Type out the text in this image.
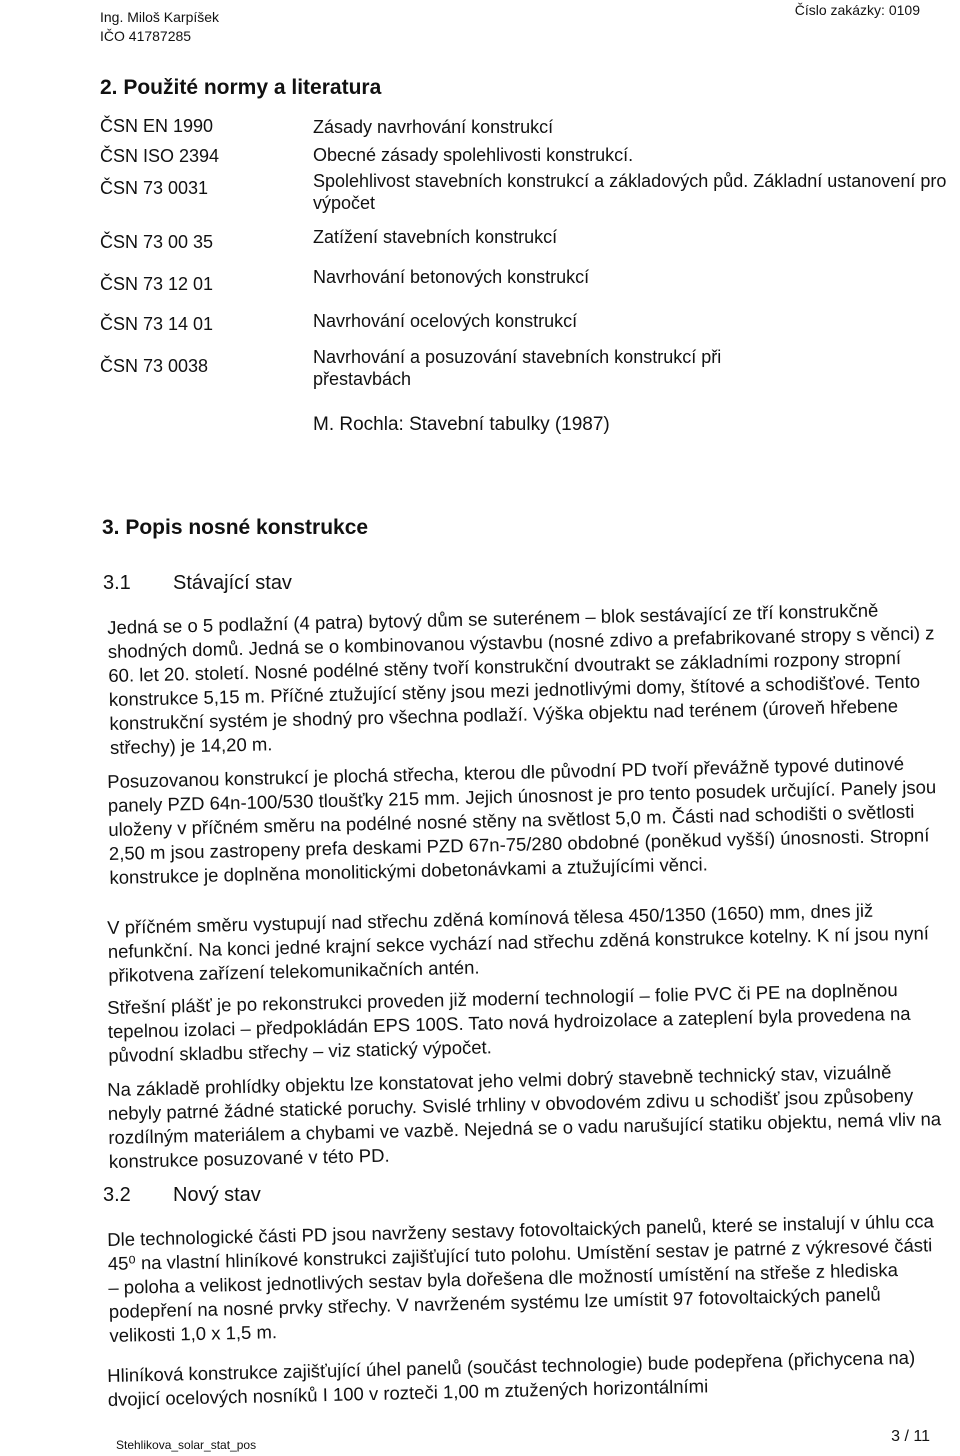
Ing. Miloš Karpíšek
IČO 41787285
Číslo zakázky: 0109
2. Použité normy a literatura
ČSN EN 1990	Zásady navrhování konstrukcí
ČSN ISO 2394	Obecné zásady spolehlivosti konstrukcí.
ČSN 73 0031	Spolehlivost stavebních konstrukcí a základových půd. Základní ustanovení pro výpočet
ČSN 73 00 35	Zatížení stavebních konstrukcí
ČSN 73 12 01	Navrhování betonových konstrukcí
ČSN 73 14 01	Navrhování ocelových konstrukcí
ČSN 73 0038	Navrhování a posuzování stavebních konstrukcí při přestavbách
M. Rochla: Stavební tabulky (1987)
3. Popis nosné konstrukce
3.1 Stávající stav

Jedná se o 5 podlažní (4 patra) bytový dům se suterénem – blok sestávající ze tří konstrukčně shodných domů. Jedná se o kombinovanou výstavbu (nosné zdivo a prefabrikované stropy s věnci) z 60. let 20. století. Nosné podélné stěny tvoří konstrukční dvoutrakt se základními rozpony stropní konstrukce 5,15 m. Příčné ztužující stěny jsou mezi jednotlivými domy, štítové a schodišťové. Tento konstrukční systém je shodný pro všechna podlaží. Výška objektu nad terénem (úroveň hřebene střechy) je 14,20 m.

Posuzovanou konstrukcí je plochá střecha, kterou dle původní PD tvoří převážně typové dutinové panely PZD 64n-100/530 tloušťky 215 mm. Jejich únosnost je pro tento posudek určující. Panely jsou uloženy v příčném směru na podélné nosné stěny na světlost 5,0 m. Části nad schodišti o světlosti 2,50 m jsou zastropeny prefa deskami PZD 67n-75/280 obdobné (poněkud vyšší) únosnosti. Stropní konstrukce je doplněna monolitickými dobetonávkami a ztužujícími věnci.

V příčném směru vystupují nad střechu zděná komínová tělesa 450/1350 (1650) mm, dnes již nefunkční. Na konci jedné krajní sekce vychází nad střechu zděná konstrukce kotelny. K ní jsou nyní přikotvena zařízení telekomunikačních antén.

Střešní plášť je po rekonstrukci proveden již moderní technologií – folie PVC či PE na doplněnou tepelnou izolaci – předpokládán EPS 100S. Tato nová hydroizolace a zateplení byla provedena na původní skladbu střechy – viz statický výpočet.

Na základě prohlídky objektu lze konstatovat jeho velmi dobrý stavebně technický stav, vizuálně nebyly patrné žádné statické poruchy. Svislé trhliny v obvodovém zdivu u schodišť jsou způsobeny rozdílným materiálem a chybami ve vazbě. Nejedná se o vadu narušující statiku objektu, nemá vliv na konstrukce posuzované v této PD.

3.2 Nový stav

Dle technologické části PD jsou navrženy sestavy fotovoltaických panelů, které se instalují v úhlu cca 45⁰ na vlastní hliníkové konstrukci zajišťující tuto polohu. Umístění sestav je patrné z výkresové části – poloha a velikost jednotlivých sestav byla dořešena dle možností umístění na střeše z hlediska podepření na nosné prvky střechy. V navrženém systému lze umístit 97 fotovoltaických panelů velikosti 1,0 x 1,5 m.

Hliníková konstrukce zajišťující úhel panelů (součást technologie) bude podepřena (přichycena na) dvojicí ocelových nosníků I 100 v rozteči 1,00 m ztužených horizontálními

Stehlikova_solar_stat_pos	3 / 11
